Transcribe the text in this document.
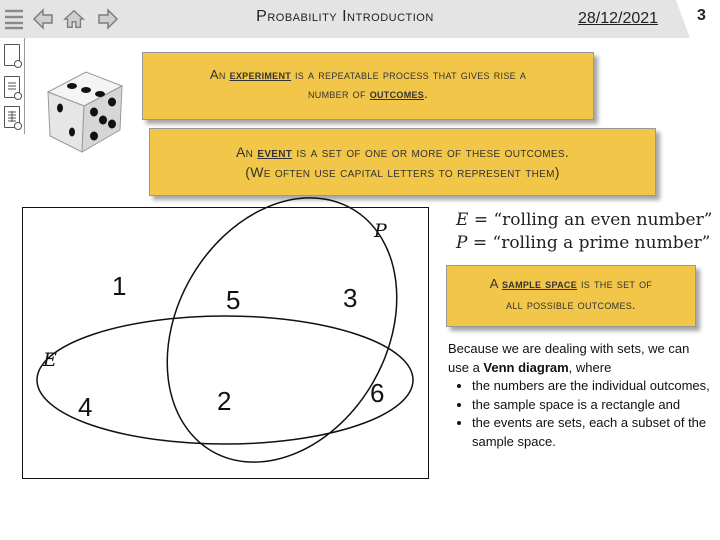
Probability Introduction	28/12/2021 3
An experiment is a repeatable process that gives rise a
number of outcomes.
An event is a set of one or more of these outcomes.
(We often use capital letters to represent them)
P
E
1	5	3
4	2	6
E = “rolling an even number”
P = “rolling a prime number”
A sample space is the set of
all possible outcomes.
Because we are dealing with sets, we can use a Venn diagram, where
• the numbers are the individual outcomes,
• the sample space is a rectangle and
• the events are sets, each a subset of the sample space.
